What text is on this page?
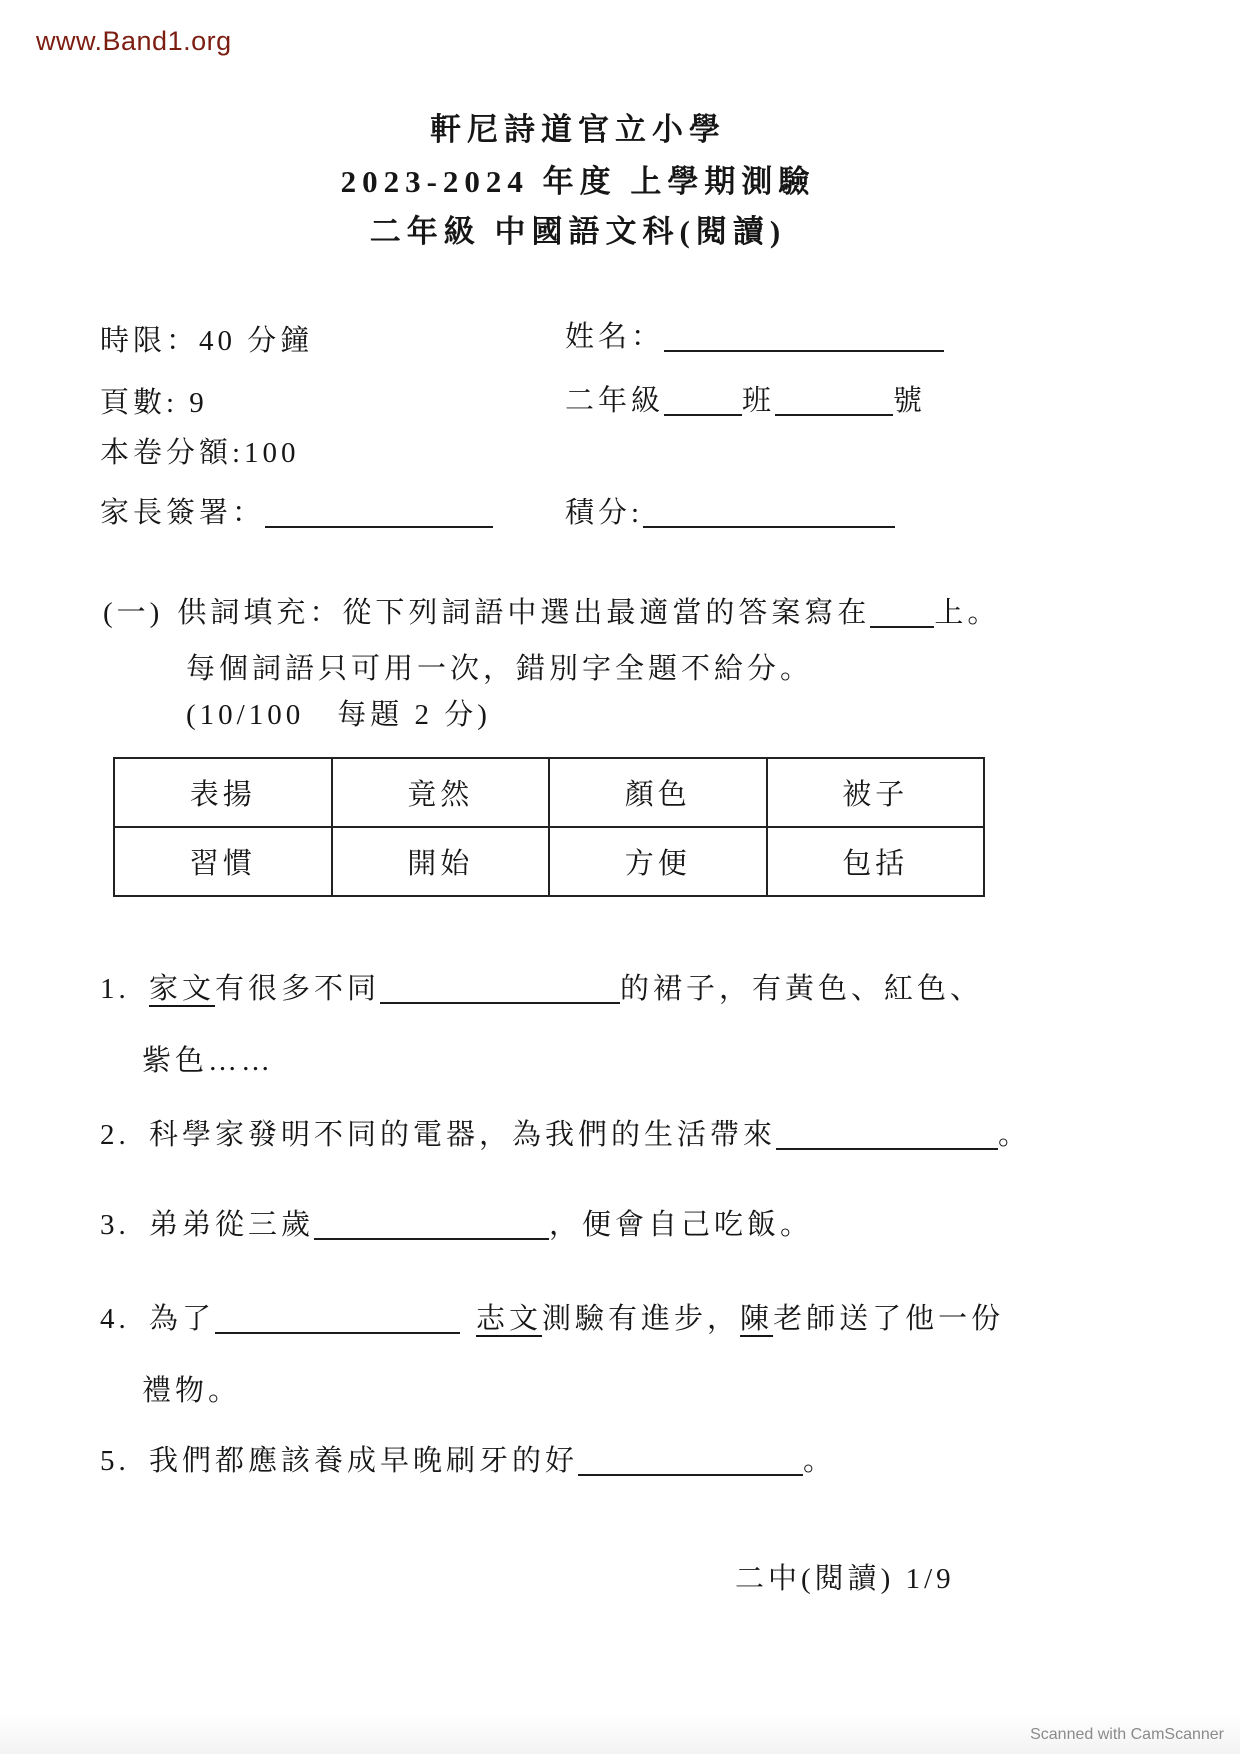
www.Band1.org
軒尼詩道官立小學
2023-2024 年度 上學期測驗
二年級 中國語文科(閱讀)
時限：40 分鐘
頁數: 9
本卷分額:100
家長簽署：
姓名：
二年級	班	號
積分:
(一) 供詞填充：從下列詞語中選出最適當的答案寫在 上。
每個詞語只可用一次，錯別字全題不給分。
(10/100　每題 2 分)
表揚	竟然	顏色	被子
習慣	開始	方便	包括
1. 家文有很多不同	的裙子，有黃色、紅色、
紫色……
2. 科學家發明不同的電器，為我們的生活帶來	。
3. 弟弟從三歲	，便會自己吃飯。
4. 為了	志文測驗有進步，陳老師送了他一份
禮物。
5. 我們都應該養成早晚刷牙的好	。
二中(閱讀) 1/9
Scanned with CamScanner
